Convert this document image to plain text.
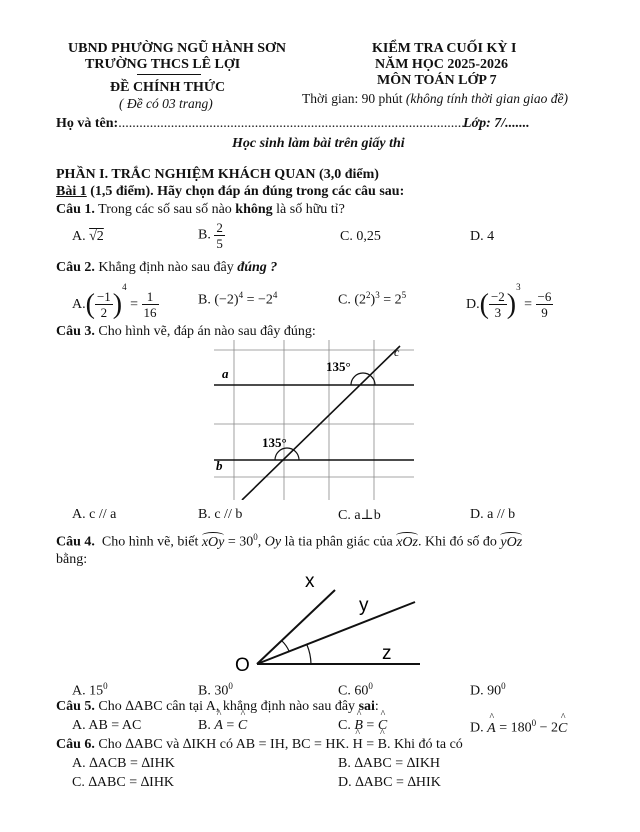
UBND PHƯỜNG NGŨ HÀNH SƠN
TRƯỜNG THCS LÊ LỢI
ĐỀ CHÍNH THỨC
( Đề có 03 trang)
KIỂM TRA CUỐI KỲ I
NĂM HỌC 2025-2026
MÔN TOÁN LỚP 7
Thời gian: 90 phút (không tính thời gian giao đề)
Họ và tên:...................................................................................................
Lớp: 7/.......
Học sinh làm bài trên giấy thi
PHẦN I. TRẮC NGHIỆM KHÁCH QUAN (3,0 điểm)
Bài 1 (1,5 điểm). Hãy chọn đáp án đúng trong các câu sau:
Câu 1. Trong các số sau số nào không là số hữu tỉ?
A. √2	B. $\frac{2}{5}$	C. 0,25	D. 4
Câu 2. Khẳng định nào sau đây đúng ?
$A.( \frac{-1}{2} )^4 = \frac{1}{16}$	B. $(-2)^4 = -2^4$	C. $(2^2)^3 = 2^5$
$D.( \frac{-2}{3} )^3 = \frac{-6}{9}$
Câu 3. Cho hình vẽ, đáp án nào sau đây đúng:
a
b
c
135°
135°
A. c // a	B. c // b	C. a⊥b	D. a // b
Câu 4. Cho hình vẽ, biết xOy = $30^0$, Oy là tia phân giác của xOz. Khi đó số đo yOz
bằng:
x
y
z
O
A. $15^0$	B. $30^0$	C. $60^0$	D. $90^0$
Câu 5. Cho ∆ABC cân tại A, khẳng định nào sau đây sai:
A. AB = AC	B. ^ A = ^ C	C. ^ B = ^ C	D. ^ $A = 180^0$ − 2^ C
Câu 6. Cho ∆ABC và ∆IKH có AB = IH, BC = HK. ^ H = ^ B. Khi đó ta có
A. ∆ACB = ∆IHK	B. ∆ABC = ∆IKH
C. ∆ABC = ∆IHK	D. ∆ABC = ∆HIK
